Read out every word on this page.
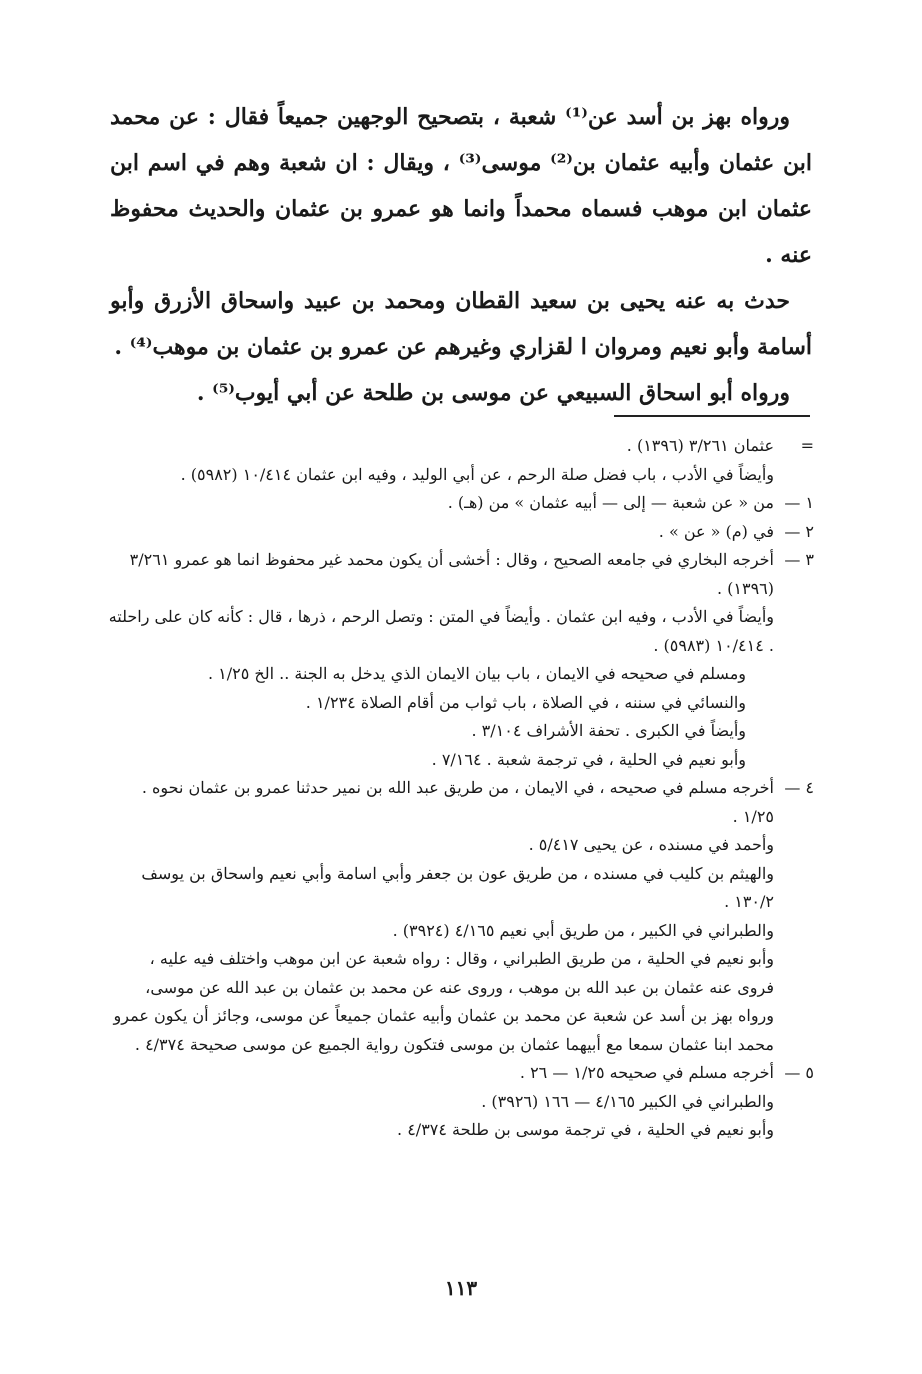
ورواه بهز بن أسد عن⁽¹⁾ شعبة ، بتصحيح الوجهين جميعاً فقال : عن محمد ابن عثمان وأبيه عثمان بن⁽²⁾ موسى⁽³⁾ ، ويقال : ان شعبة وهم في اسم ابن عثمان ابن موهب فسماه محمداً وانما هو عمرو بن عثمان والحديث محفوظ عنه .

حدث به عنه يحيى بن سعيد القطان ومحمد بن عبيد واسحاق الأزرق وأبو أسامة وأبو نعيم ومروان ا لقزاري وغيرهم عن عمرو بن عثمان بن موهب⁽⁴⁾ .

ورواه أبو اسحاق السبيعي عن موسى بن طلحة عن أبي أيوب⁽⁵⁾ .

=
عثمان ٣/٢٦١ (١٣٩٦) .
وأيضاً في الأدب ، باب فضل صلة الرحم ، عن أبي الوليد ، وفيه ابن عثمان ١٠/٤١٤ (٥٩٨٢) .
١ —
من « عن شعبة — إلى — أبيه عثمان » من (هـ) .
٢ —
في (م) « عن » .
٣ —
أخرجه البخاري في جامعه الصحيح ، وقال : أخشى أن يكون محمد غير محفوظ انما هو عمرو ٣/٢٦١ (١٣٩٦) .
وأيضاً في الأدب ، وفيه ابن عثمان . وأيضاً في المتن : وتصل الرحم ، ذرها ، قال : كأنه كان على راحلته . ١٠/٤١٤ (٥٩٨٣) .
ومسلم في صحيحه في الايمان ، باب بيان الايمان الذي يدخل به الجنة .. الخ ١/٢٥ .
والنسائي في سننه ، في الصلاة ، باب ثواب من أقام الصلاة ١/٢٣٤ .
وأيضاً في الكبرى . تحفة الأشراف ٣/١٠٤ .
وأبو نعيم في الحلية ، في ترجمة شعبة . ٧/١٦٤ .
٤ —
أخرجه مسلم في صحيحه ، في الايمان ، من طريق عبد الله بن نمير حدثنا عمرو بن عثمان نحوه . ١/٢٥ .
وأحمد في مسنده ، عن يحيى ٥/٤١٧ .
والهيثم بن كليب في مسنده ، من طريق عون بن جعفر وأبي اسامة وأبي نعيم واسحاق بن يوسف ١٣٠/٢ .
والطبراني في الكبير ، من طريق أبي نعيم ٤/١٦٥ (٣٩٢٤) .
وأبو نعيم في الحلية ، من طريق الطبراني ، وقال : رواه شعبة عن ابن موهب واختلف فيه عليه ، فروى عنه عثمان بن عبد الله بن موهب ، وروى عنه عن محمد بن عثمان بن عبد الله عن موسى، ورواه بهز بن أسد عن شعبة عن محمد بن عثمان وأبيه عثمان جميعاً عن موسى، وجائز أن يكون عمرو محمد ابنا عثمان سمعا مع أبيهما عثمان بن موسى فتكون رواية الجميع عن موسى صحيحة ٤/٣٧٤ .
٥ —
أخرجه مسلم في صحيحه ١/٢٥ — ٢٦ .
والطبراني في الكبير ٤/١٦٥ — ١٦٦ (٣٩٢٦) .
وأبو نعيم في الحلية ، في ترجمة موسى بن طلحة ٤/٣٧٤ .
١١٣
